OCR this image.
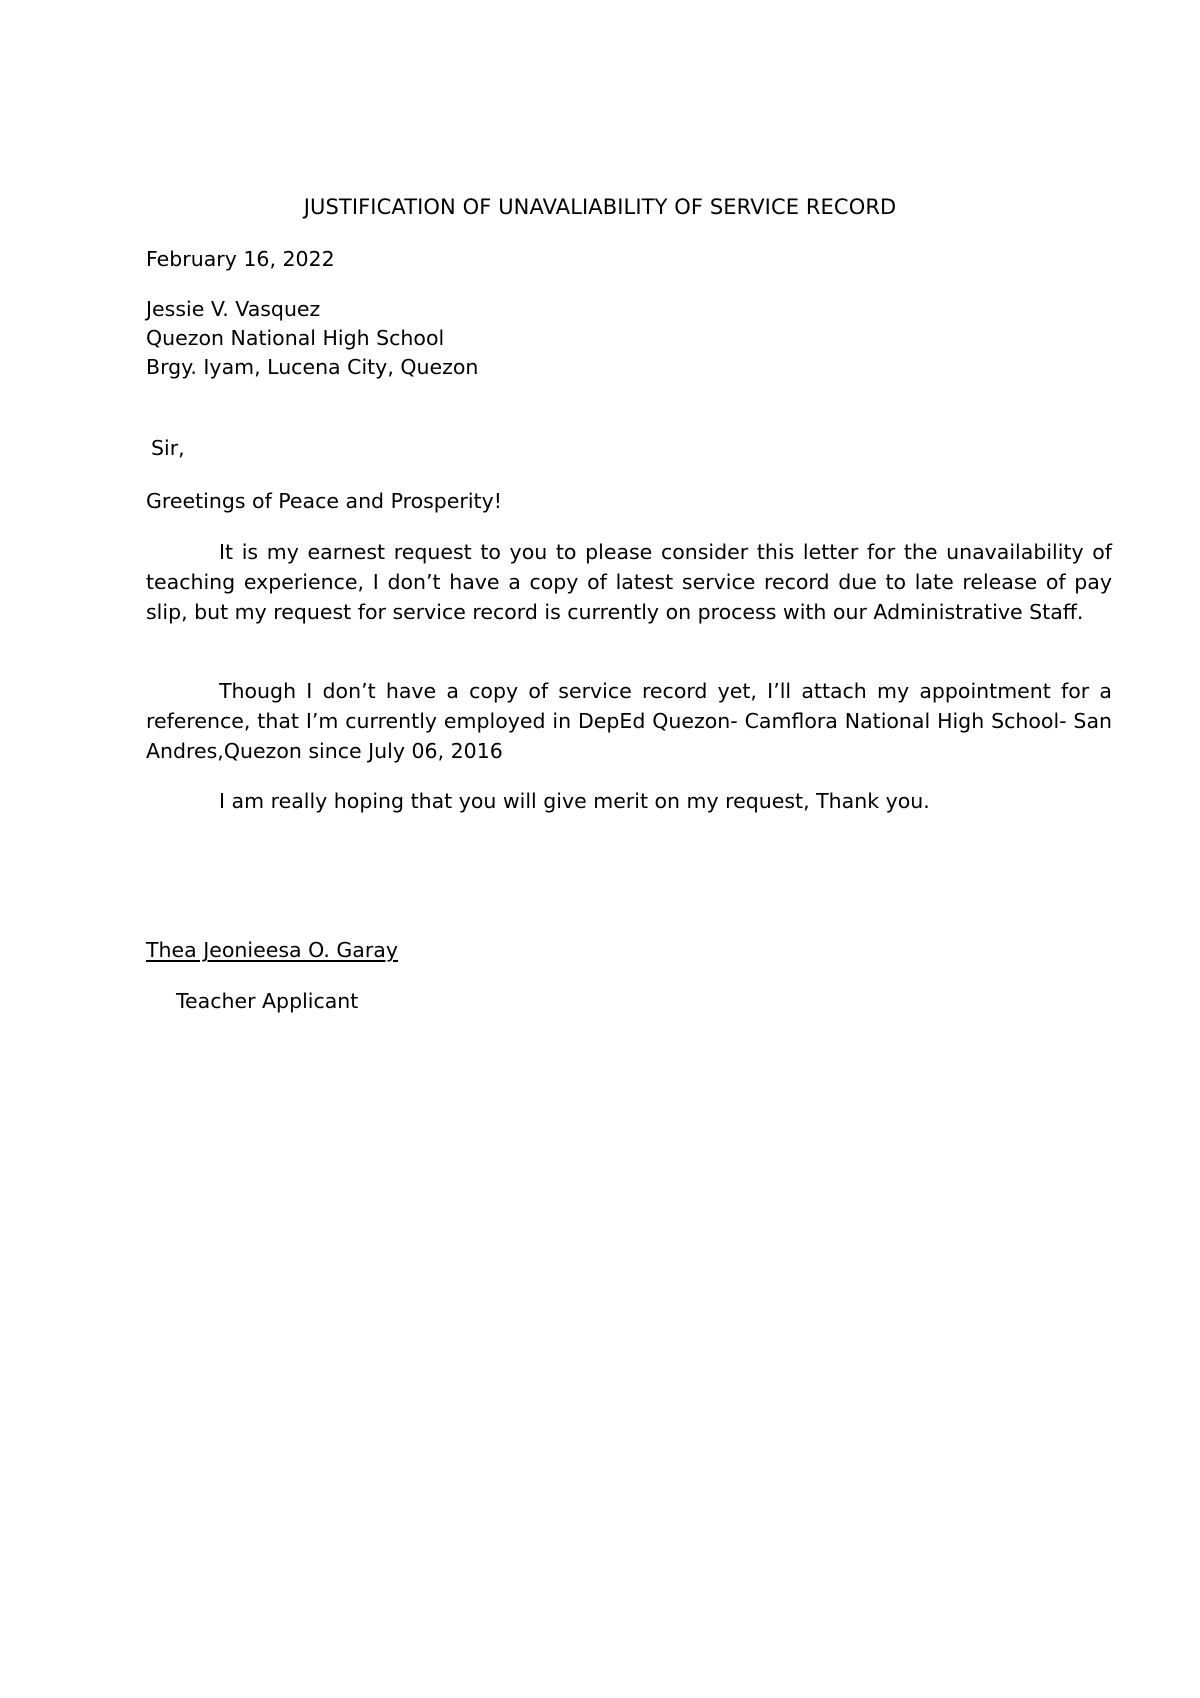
JUSTIFICATION OF UNAVALIABILITY OF SERVICE RECORD
February 16, 2022
Jessie V. Vasquez
Quezon National High School
Brgy. Iyam, Lucena City, Quezon
Sir,
Greetings of Peace and Prosperity!

It is my earnest request to you to please consider this letter for the unavailability of teaching experience, I don’t have a copy of latest service record due to late release of pay slip, but my request for service record is currently on process with our Administrative Staff.

Though I don’t have a copy of service record yet, I’ll attach my appointment for a reference, that I’m currently employed in DepEd Quezon- Camflora National High School- San Andres,Quezon since July 06, 2016

I am really hoping that you will give merit on my request, Thank you.

Thea Jeonieesa O. Garay
Teacher Applicant
